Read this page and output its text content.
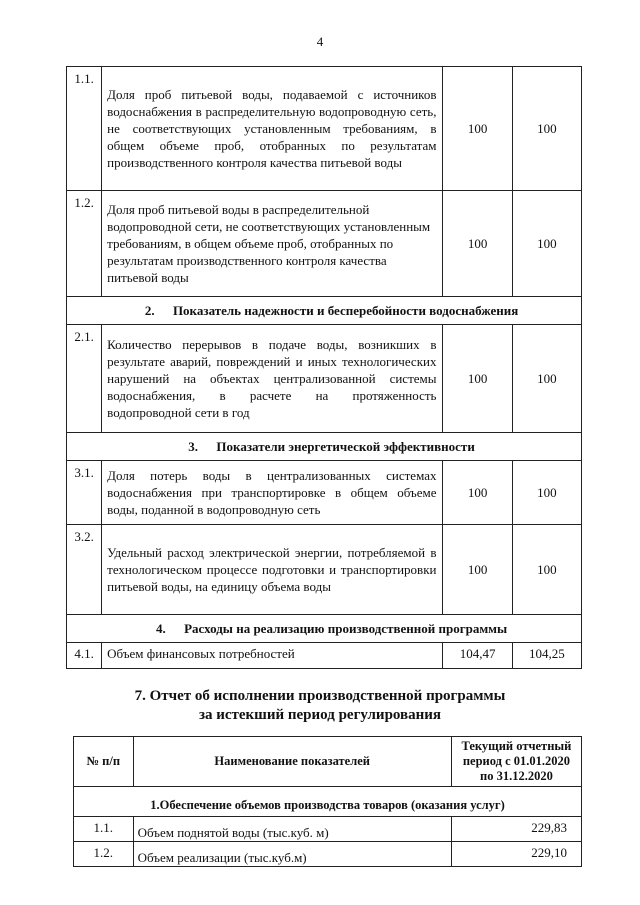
4
1.1.	Доля проб питьевой воды, подаваемой с источников водоснабжения в распределительную водопроводную сеть, не соответствующих установленным требованиям, в общем объеме проб, отобранных по результатам производственного контроля качества питьевой воды	100	100
1.2.	Доля проб питьевой воды в распределительной водопроводной сети, не соответствующих установленным требованиям, в общем объеме проб, отобранных по результатам производственного контроля качества питьевой воды	100	100
2. Показатель надежности и бесперебойности водоснабжения			
2.1.	Количество перерывов в подаче воды, возникших в результате аварий, повреждений и иных технологических нарушений на объектах централизованной системы водоснабжения, в расчете на протяженность водопроводной сети в год	100	100
3. Показатели энергетической эффективности			
3.1.	Доля потерь воды в централизованных системах водоснабжения при транспортировке в общем объеме воды, поданной в водопроводную сеть	100	100
3.2.	Удельный расход электрической энергии, потребляемой в технологическом процессе подготовки и транспортировки питьевой воды, на единицу объема воды	100	100
4. Расходы на реализацию производственной программы			
4.1.	Объем финансовых потребностей	104,47	104,25
7. Отчет об исполнении производственной программы
за истекший период регулирования
№ п/п	Наименование показателей	Текущий отчетный
период с 01.01.2020
по 31.12.2020

1.Обеспечение объемов производства товаров (оказания услуг)		
1.1.	Объем поднятой воды (тыс.куб. м)	229,83
1.2.	Объем реализации (тыс.куб.м)	229,10
